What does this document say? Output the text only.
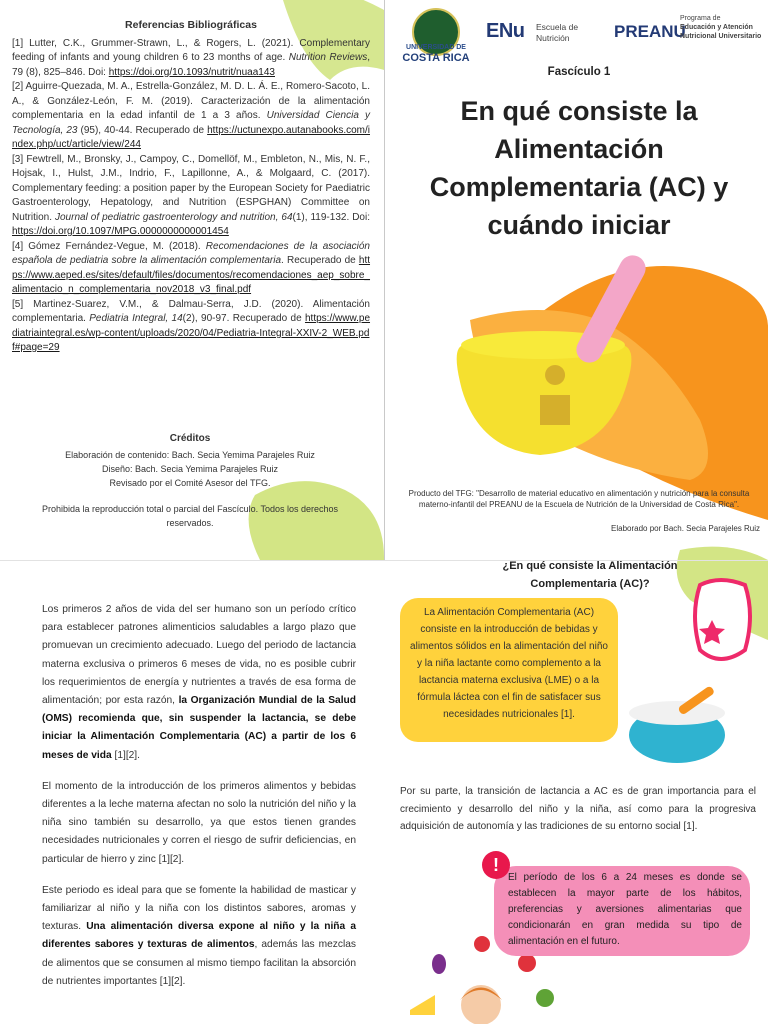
Referencias Bibliográficas

[1] Lutter, C.K., Grummer-Strawn, L., & Rogers, L. (2021). Complementary feeding of infants and young children 6 to 23 months of age. Nutrition Reviews, 79 (8), 825–846. Doi: https://doi.org/10.1093/nutrit/nuaa143

[2] Aguirre-Quezada, M. A., Estrella-González, M. D. L. Á. E., Romero-Sacoto, L. A., & González-León, F. M. (2019). Caracterización de la alimentación complementaria en la edad infantil de 1 a 3 años. Universidad Ciencia y Tecnología, 23 (95), 40-44. Recuperado de https://uctunexpo.autanabooks.com/index.php/uct/article/view/244

[3] Fewtrell, M., Bronsky, J., Campoy, C., Domellöf, M., Embleton, N., Mis, N. F., Hojsak, I., Hulst, J.M., Indrio, F., Lapillonne, A., & Molgaard, C. (2017). Complementary feeding: a position paper by the European Society for Paediatric Gastroenterology, Hepatology, and Nutrition (ESPGHAN) Committee on Nutrition. Journal of pediatric gastroenterology and nutrition, 64(1), 119-132. Doi: https://doi.org/10.1097/MPG.0000000000001454

[4] Gómez Fernández-Vegue, M. (2018). Recomendaciones de la asociación española de pediatria sobre la alimentación complementaria. Recuperado de https://www.aeped.es/sites/default/files/documentos/recomendaciones_aep_sobre_alimentacio_n_complementaria_nov2018_v3_final.pdf

[5] Martinez-Suarez, V.M., & Dalmau-Serra, J.D. (2020). Alimentación complementaria. Pediatria Integral, 14(2), 90-97. Recuperado de https://www.pediatriaintegral.es/wp-content/uploads/2020/04/Pediatria-Integral-XXIV-2_WEB.pdf#page=29

Créditos
Elaboración de contenido: Bach. Secia Yemima Parajeles Ruiz
Diseño: Bach. Secia Yemima Parajeles Ruiz
Revisado por el Comité Asesor del TFG.
Prohibida la reproducción total o parcial del Fascículo. Todos los derechos reservados.
UNIVERSIDAD DE
COSTA RICA
ENu Escuela de
Nutrición	PREANU
Programa de
Educación y Atención
Nutricional Universitario
Fascículo 1
En qué consiste la Alimentación Complementaria (AC) y cuándo iniciar
Producto del TFG: "Desarrollo de material educativo en alimentación y nutrición para la consulta materno-infantil del PREANU de la Escuela de Nutrición de la Universidad de Costa Rica".
Elaborado por Bach. Secia Parajeles Ruiz

Los primeros 2 años de vida del ser humano son un período crítico para establecer patrones alimenticios saludables a largo plazo que promuevan un crecimiento adecuado. Luego del periodo de lactancia materna exclusiva o primeros 6 meses de vida, no es posible cubrir los requerimientos de energía y nutrientes a través de esa forma de alimentación; por esta razón, la Organización Mundial de la Salud (OMS) recomienda que, sin suspender la lactancia, se debe iniciar la Alimentación Complementaria (AC) a partir de los 6 meses de vida [1][2].

El momento de la introducción de los primeros alimentos y bebidas diferentes a la leche materna afectan no solo la nutrición del niño y la niña sino también su desarrollo, ya que estos tienen grandes necesidades nutricionales y corren el riesgo de sufrir deficiencias, en particular de hierro y zinc [1][2].

Este periodo es ideal para que se fomente la habilidad de masticar y familiarizar al niño y la niña con los distintos sabores, aromas y texturas. Una alimentación diversa expone al niño y la niña a diferentes sabores y texturas de alimentos, además las mezclas de alimentos que se consumen al mismo tiempo facilitan la absorción de nutrientes importantes [1][2].

¿En qué consiste la Alimentación Complementaria (AC)?
La Alimentación Complementaria (AC) consiste en la introducción de bebidas y alimentos sólidos en la alimentación del niño y la niña lactante como complemento a la lactancia materna exclusiva (LME) o a la fórmula láctea con el fin de satisfacer sus necesidades nutricionales [1].
Por su parte, la transición de lactancia a AC es de gran importancia para el crecimiento y desarrollo del niño y la niña, así como para la progresiva adquisición de autonomía y las tradiciones de su entorno social [1].
!
El período de los 6 a 24 meses es donde se establecen la mayor parte de los hábitos, preferencias y aversiones alimentarias que condicionarán en gran medida su tipo de alimentación en el futuro.
